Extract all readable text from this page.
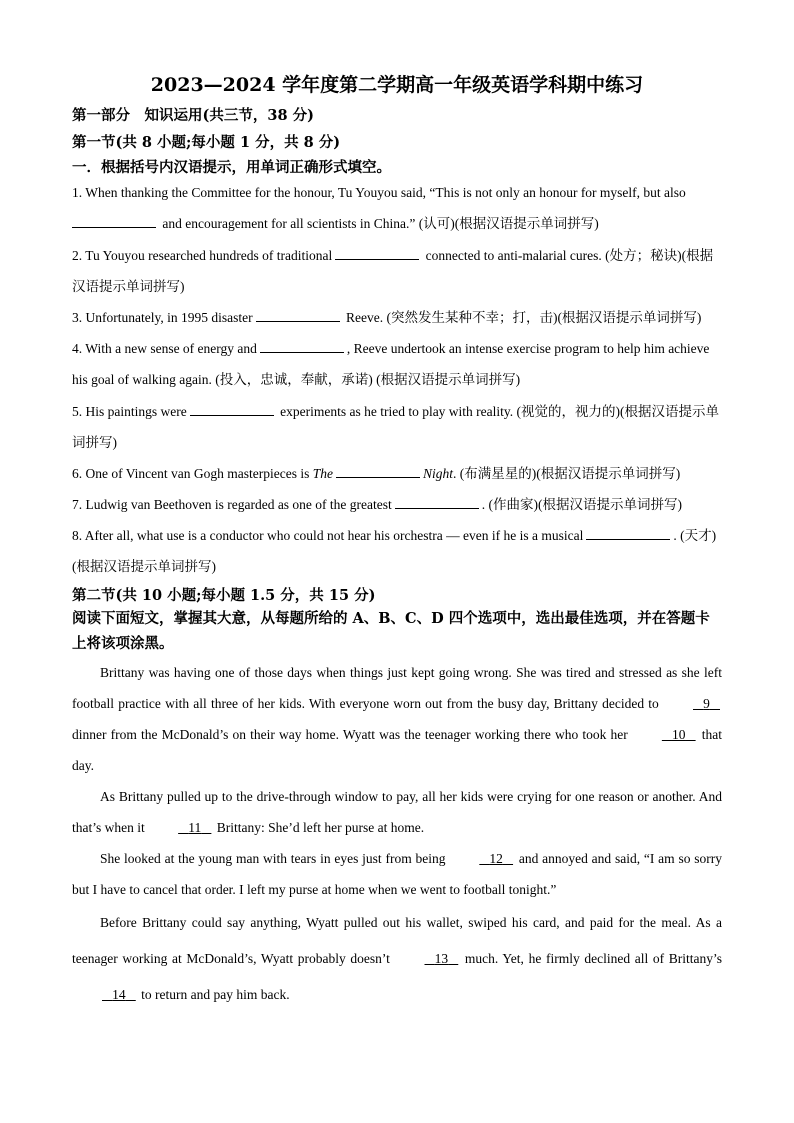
2023—2024 学年度第二学期高一年级英语学科期中练习
第一部分　知识运用(共三节，38 分)
第一节(共 8 小题;每小题 1 分，共 8 分)
一．根据括号内汉语提示，用单词正确形式填空。
1. When thanking the Committee for the honour, Tu Youyou said, “This is not only an honour for myself, but also
and encouragement for all scientists in China.” (认可)(根据汉语提示单词拼写)
2. Tu Youyou researched hundreds of traditional	connected to anti-malarial cures. (处方；秘诀)(根据汉语提示单词拼写)
3. Unfortunately, in 1995 disaster	Reeve. (突然发生某种不幸；打，击)(根据汉语提示单词拼写)
4. With a new sense of energy and	, Reeve undertook an intense exercise program to help him achieve his goal of walking again. (投入，忠诚，奉献，承诺) (根据汉语提示单词拼写)
5. His paintings were	experiments as he tried to play with reality. (视觉的，视力的)(根据汉语提示单词拼写)
6. One of Vincent van Gogh masterpieces is The	Night. (布满星星的)(根据汉语提示单词拼写)
7. Ludwig van Beethoven is regarded as one of the greatest	. (作曲家)(根据汉语提示单词拼写)
8. After all, what use is a conductor who could not hear his orchestra — even if he is a musical	. (天才)(根据汉语提示单词拼写)
第二节(共 10 小题;每小题 1.5 分，共 15 分)
阅读下面短文，掌握其大意，从每题所给的 A、B、C、D 四个选项中，选出最佳选项，并在答题卡上将该项涂黑。
Brittany was having one of those days when things just kept going wrong. She was tired and stressed as she left football practice with all three of her kids. With everyone worn out from the busy day, Brittany decided to	9 dinner from the McDonald’s on their way home. Wyatt was the teenager working there who took her	10 that day.
As Brittany pulled up to the drive-through window to pay, all her kids were crying for one reason or another. And that’s when it	11 Brittany: She’d left her purse at home.
She looked at the young man with tears in eyes just from being	12 and annoyed and said, “I am so sorry but I have to cancel that order. I left my purse at home when we went to football tonight.”
Before Brittany could say anything, Wyatt pulled out his wallet, swiped his card, and paid for the meal. As a teenager working at McDonald’s, Wyatt probably doesn’t	13 much. Yet, he firmly declined all of Brittany’s 14 to return and pay him back.
